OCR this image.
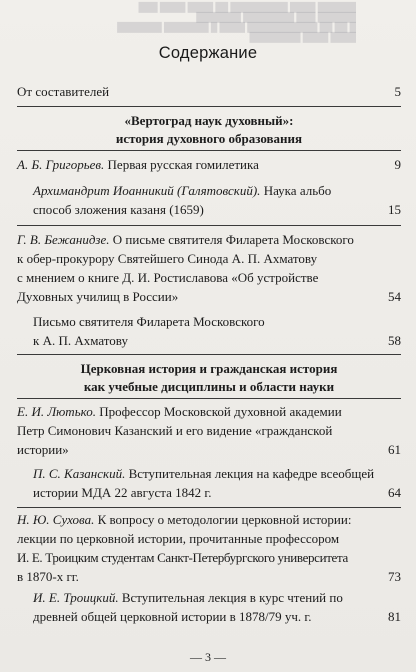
██████ ████ █████████ ██ ████ ████ ███
██████ ███ ████████ ███████
█ ██ ██ ███████████ ████ █ ███████ ███████
████ ████ ████████
Содержание
От составителей	5
«Вертоград наук духовный»:
история духовного образования
А. Б. Григорьев. Первая русская гомилетика	9
Архимандрит Иоанникий (Галятовский). Наука альбо
способ зложения казаня (1659)	15
Г. В. Бежанидзе. О письме святителя Филарета Московского
к обер-прокурору Святейшего Синода А. П. Ахматову
с мнением о книге Д. И. Ростиславова «Об устройстве
Духовных училищ в России»	54
Письмо святителя Филарета Московского
к А. П. Ахматову	58
Церковная история и гражданская история
как учебные дисциплины и области науки
Е. И. Лютько. Профессор Московской духовной академии
Петр Симонович Казанский и его видение «гражданской
истории»	61
П. С. Казанский. Вступительная лекция на кафедре всеобщей
истории МДА 22 августа 1842 г.	64
Н. Ю. Сухова. К вопросу о методологии церковной истории:
лекции по церковной истории, прочитанные профессором
И. Е. Троицким студентам Санкт-Петербургского университета
в 1870-х гг.	73
И. Е. Троицкий. Вступительная лекция в курс чтений по
древней общей церковной истории в 1878/79 уч. г.	81
— 3 —
